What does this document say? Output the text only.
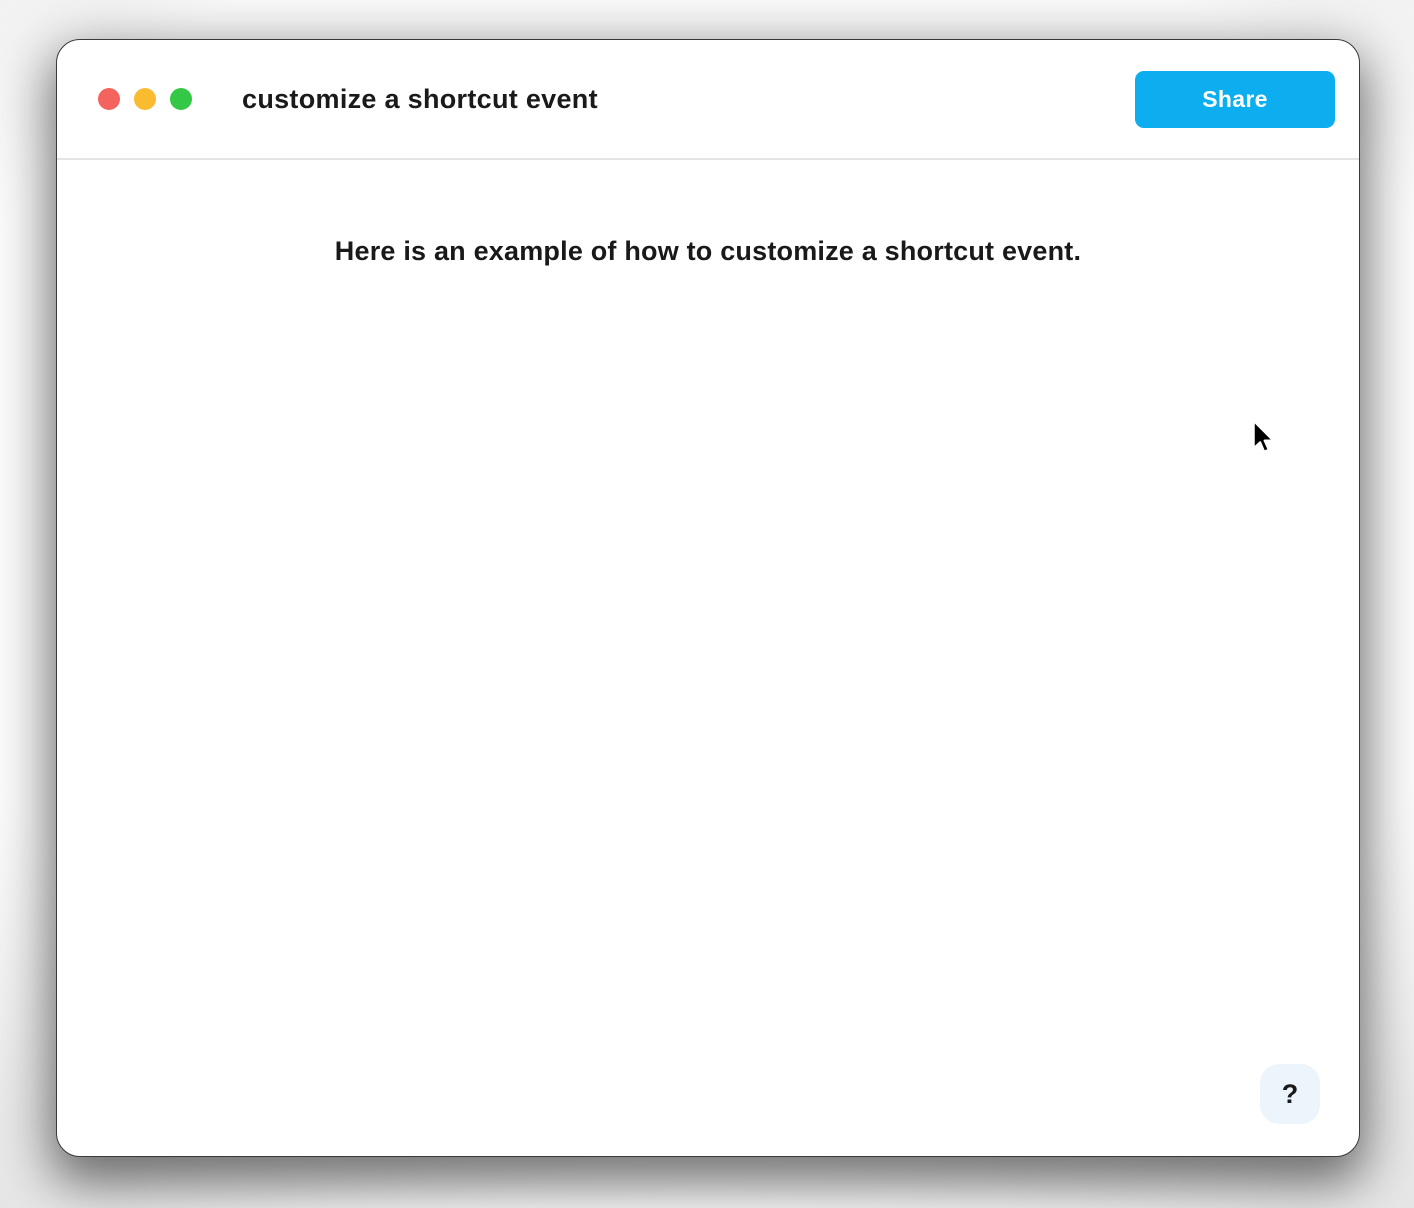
customize a shortcut event	Share
Here is an example of how to customize a shortcut event.
?
